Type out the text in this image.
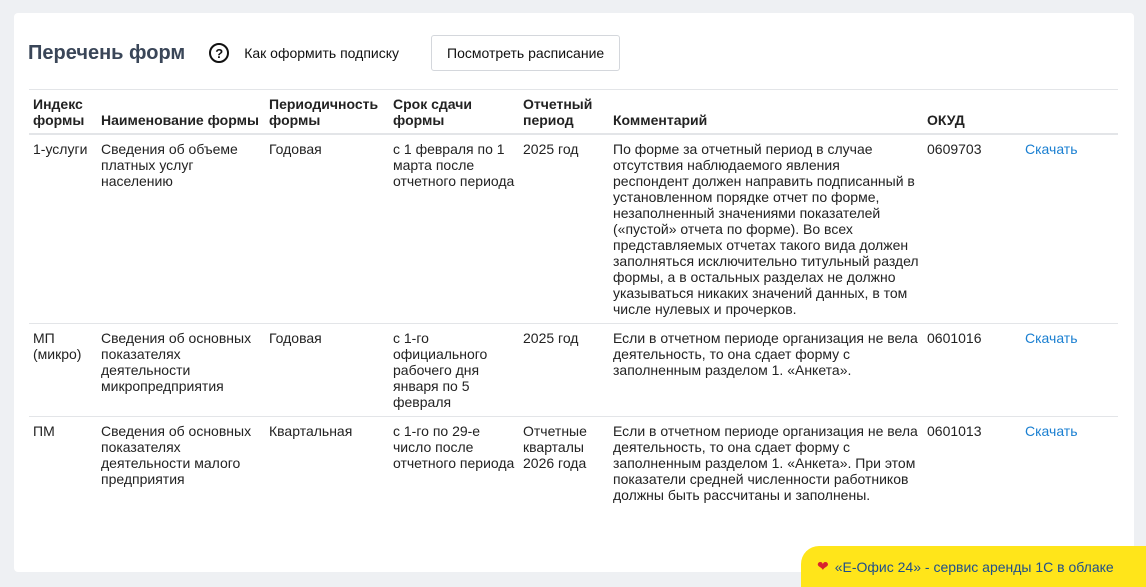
Перечень форм	?	Как оформить подписку	Посмотреть расписание
Индекс формы	Наименование формы	Периодичность формы	Срок сдачи формы	Отчетный период	Комментарий	ОКУД	
1-услуги	Сведения об объеме платных услуг населению	Годовая	с 1 февраля по 1 марта после отчетного периода	2025 год	По форме за отчетный период в случае отсутствия наблюдаемого явления респондент должен направить подписанный в установленном порядке отчет по форме, незаполненный значениями показателей («пустой» отчета по форме). Во всех представляемых отчетах такого вида должен заполняться исключительно титульный раздел формы, а в остальных разделах не должно указываться никаких значений данных, в том числе нулевых и прочерков.	0609703	Скачать
МП (микро)	Сведения об основных показателях деятельности микропредприятия	Годовая	с 1-го официального рабочего дня января по 5 февраля	2025 год	Если в отчетном периоде организация не вела деятельность, то она сдает форму с заполненным разделом 1. «Анкета».	0601016	Скачать
ПМ	Сведения об основных показателях деятельности малого предприятия	Квартальная	с 1-го по 29-е число после отчетного периода	Отчетные кварталы 2026 года	Если в отчетном периоде организация не вела деятельность, то она сдает форму с заполненным разделом 1. «Анкета». При этом показатели средней численности работников должны быть рассчитаны и заполнены.	0601013	Скачать
❤ «Е-Офис 24» - сервис аренды 1С в облаке
